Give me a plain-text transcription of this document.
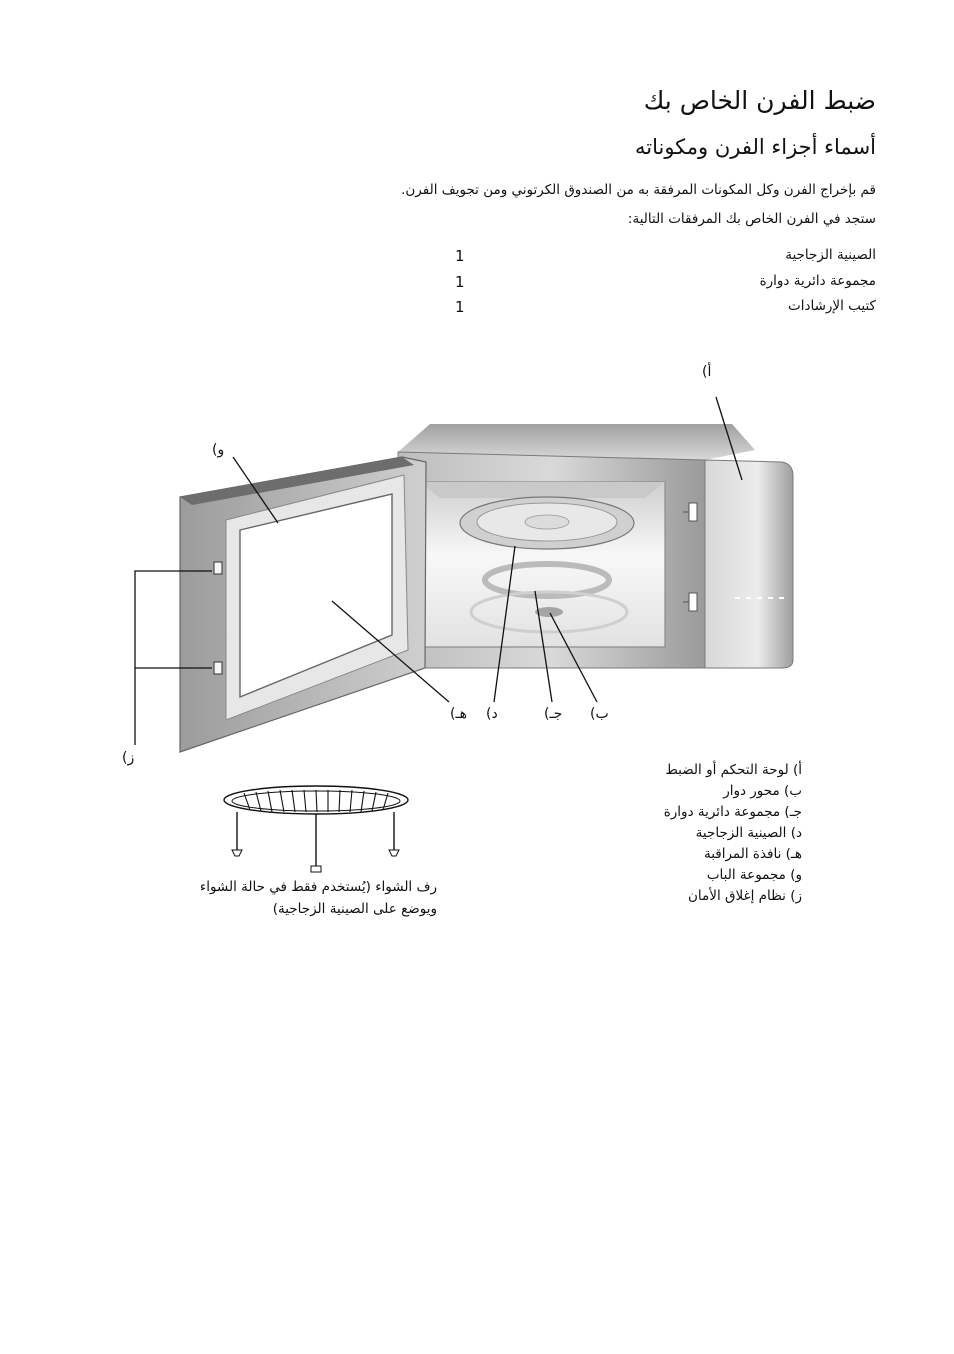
ضبط الفرن الخاص بك
أسماء أجزاء الفرن ومكوناته
قم بإخراج الفرن وكل المكونات المرفقة به من الصندوق الكرتوني ومن تجويف الفرن.
ستجد في الفرن الخاص بك المرفقات التالية:
الصينية الزجاجية
1
مجموعة دائرية دوارة
1
كتيب الإرشادات
1
أ)
و)
هـ) د)	جـ) ب)
ز)
أ) لوحة التحكم أو الضبط
ب) محور دوار
جـ) مجموعة دائرية دوارة
د) الصينية الزجاجية
هـ) نافذة المراقبة
و) مجموعة الباب
ز) نظام إغلاق الأمان
رف الشواء (يُستخدم فقط في حالة الشواء
ويوضع على الصينية الزجاجية)
